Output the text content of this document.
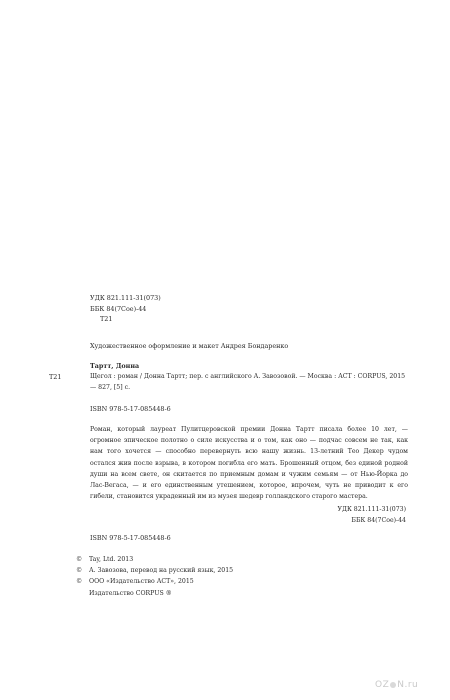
УДК 821.111-31(073)
ББК 84(7Сое)-44
Т21
Художественное оформление и макет Андрея Бондаренко
Тартт, Донна
Т21	Щегол : роман / Донна Тартт; пер. с английского А. Завозовой. — Москва : АСТ : CORPUS, 2015 — 827, [5] с.
ISBN 978-5-17-085448-6
Роман, который лауреат Пулитцеровской премии Донна Тартт писала более 10 лет, — огромное эпическое полотно о силе искусства и о том, как оно — подчас совсем не так, как нам того хочется — способно перевернуть всю нашу жизнь. 13-летний Тео Декер чудом остался жив после взрыва, в котором погибла его мать. Брошенный отцом, без единой родной души на всем свете, он скитается по приемным домам и чужим семьям — от Нью-Йорка до Лас-Вегаса, — и его единственным утешением, которое, впрочем, чуть не приводит к его гибели, становится украденный им из музея шедевр голландского старого мастера.
УДК 821.111-31(073)
ББК 84(7Сое)-44
ISBN 978-5-17-085448-6
© Tay, Ltd. 2013
© А. Завозова, перевод на русский язык, 2015
© ООО «Издательство АСТ», 2015
Издательство CORPUS ®
OZ N.ru
